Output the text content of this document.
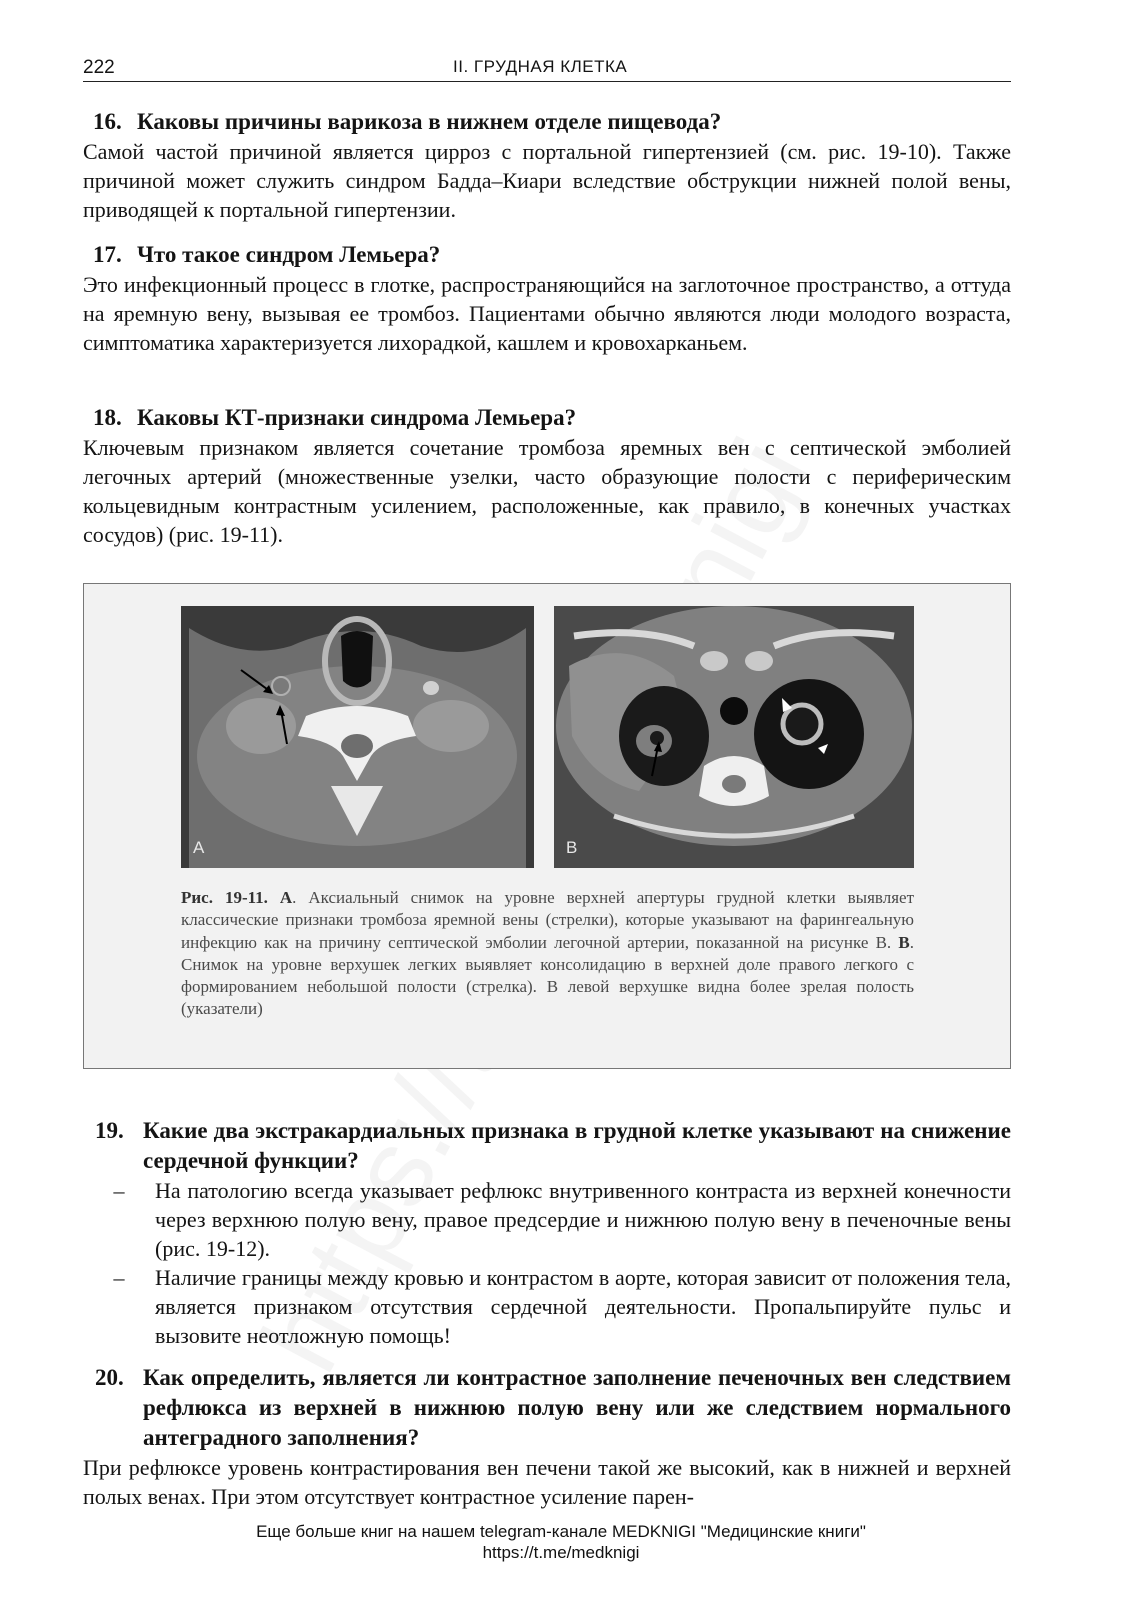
222	II. ГРУДНАЯ КЛЕТКА
16. Каковы причины варикоза в нижнем отделе пищевода?
Самой частой причиной является цирроз с портальной гипертензией (см. рис. 19-10). Также причиной может служить синдром Бадда–Киари вследствие обструкции нижней полой вены, приводящей к портальной гипертензии.
17. Что такое синдром Лемьера?
Это инфекционный процесс в глотке, распространяющийся на заглоточное пространство, а оттуда на яремную вену, вызывая ее тромбоз. Пациентами обычно являются люди молодого возраста, симптоматика характеризуется лихорадкой, кашлем и кровохарканьем.
18. Каковы КТ-признаки синдрома Лемьера?
Ключевым признаком является сочетание тромбоза яремных вен с септической эмболией легочных артерий (множественные узелки, часто образующие полости с периферическим кольцевидным контрастным усилением, расположенные, как правило, в конечных участках сосудов) (рис. 19-11).
A	B
Рис. 19-11. A. Аксиальный снимок на уровне верхней апертуры грудной клетки выявляет классические признаки тромбоза яремной вены (стрелки), которые указывают на фарингеальную инфекцию как на причину септической эмболии легочной артерии, показанной на рисунке B. B. Снимок на уровне верхушек легких выявляет консолидацию в верхней доле правого легкого с формированием небольшой полости (стрелка). В левой верхушке видна более зрелая полость (указатели)
19. Какие два экстракардиальных признака в грудной клетке указывают на снижение сердечной функции?
–	На патологию всегда указывает рефлюкс внутривенного контраста из верхней конечности через верхнюю полую вену, правое предсердие и нижнюю полую вену в печеночные вены (рис. 19-12).
–	Наличие границы между кровью и контрастом в аорте, которая зависит от положения тела, является признаком отсутствия сердечной деятельности. Пропальпируйте пульс и вызовите неотложную помощь!
20. Как определить, является ли контрастное заполнение печеночных вен следствием рефлюкса из верхней в нижнюю полую вену или же следствием нормального антеградного заполнения?
При рефлюксе уровень контрастирования вен печени такой же высокий, как в нижней и верхней полых венах. При этом отсутствует контрастное усиление парен-
Еще больше книг на нашем telegram-канале MEDKNIGI "Медицинские книги"
https://t.me/medknigi
